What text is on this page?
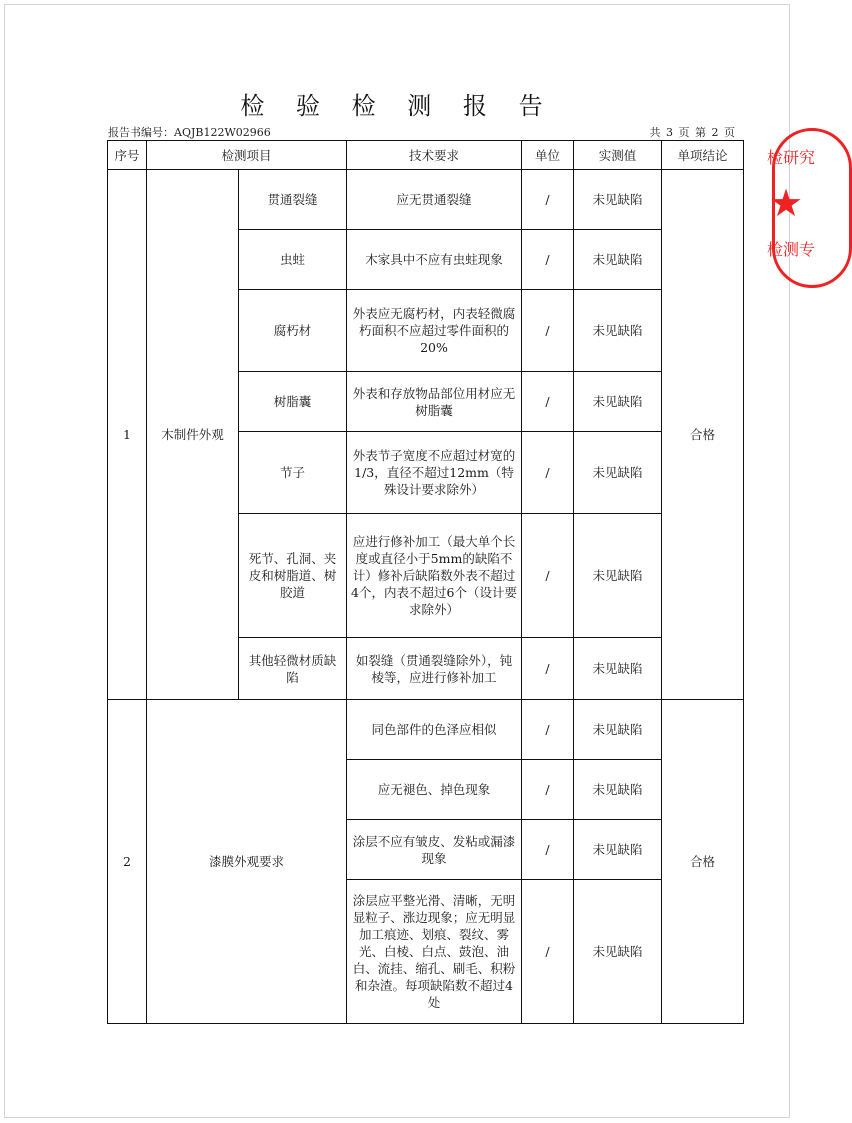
检 验 检 测 报 告
报告书编号：AQJB122W02966	共 3 页 第 2 页
序号	检测项目		技术要求	单位	实测值	单项结论
1	木制件外观	贯通裂缝	应无贯通裂缝	/	未见缺陷	合格
		虫蛀	木家具中不应有虫蛀现象	/	未见缺陷	
		腐朽材	外表应无腐朽材，内表轻微腐朽面积不应超过零件面积的20%	/	未见缺陷	
		树脂囊	外表和存放物品部位用材应无树脂囊	/	未见缺陷	
		节子	外表节子宽度不应超过材宽的1/3，直径不超过12mm（特殊设计要求除外）	/	未见缺陷	
		死节、孔洞、夹皮和树脂道、树胶道	应进行修补加工（最大单个长度或直径小于5mm的缺陷不计）修补后缺陷数外表不超过4个，内表不超过6个（设计要求除外）	/	未见缺陷	
		其他轻微材质缺陷	如裂缝（贯通裂缝除外），钝棱等，应进行修补加工	/	未见缺陷	
2	漆膜外观要求		同色部件的色泽应相似	/	未见缺陷	合格
			应无褪色、掉色现象	/	未见缺陷	
			涂层不应有皱皮、发粘或漏漆现象	/	未见缺陷	
			涂层应平整光滑、清晰，无明显粒子、涨边现象；应无明显加工痕迹、划痕、裂纹、雾光、白棱、白点、鼓泡、油白、流挂、缩孔、刷毛、积粉和杂渣。每项缺陷数不超过4处	/	未见缺陷	
检研究
★
检测专
